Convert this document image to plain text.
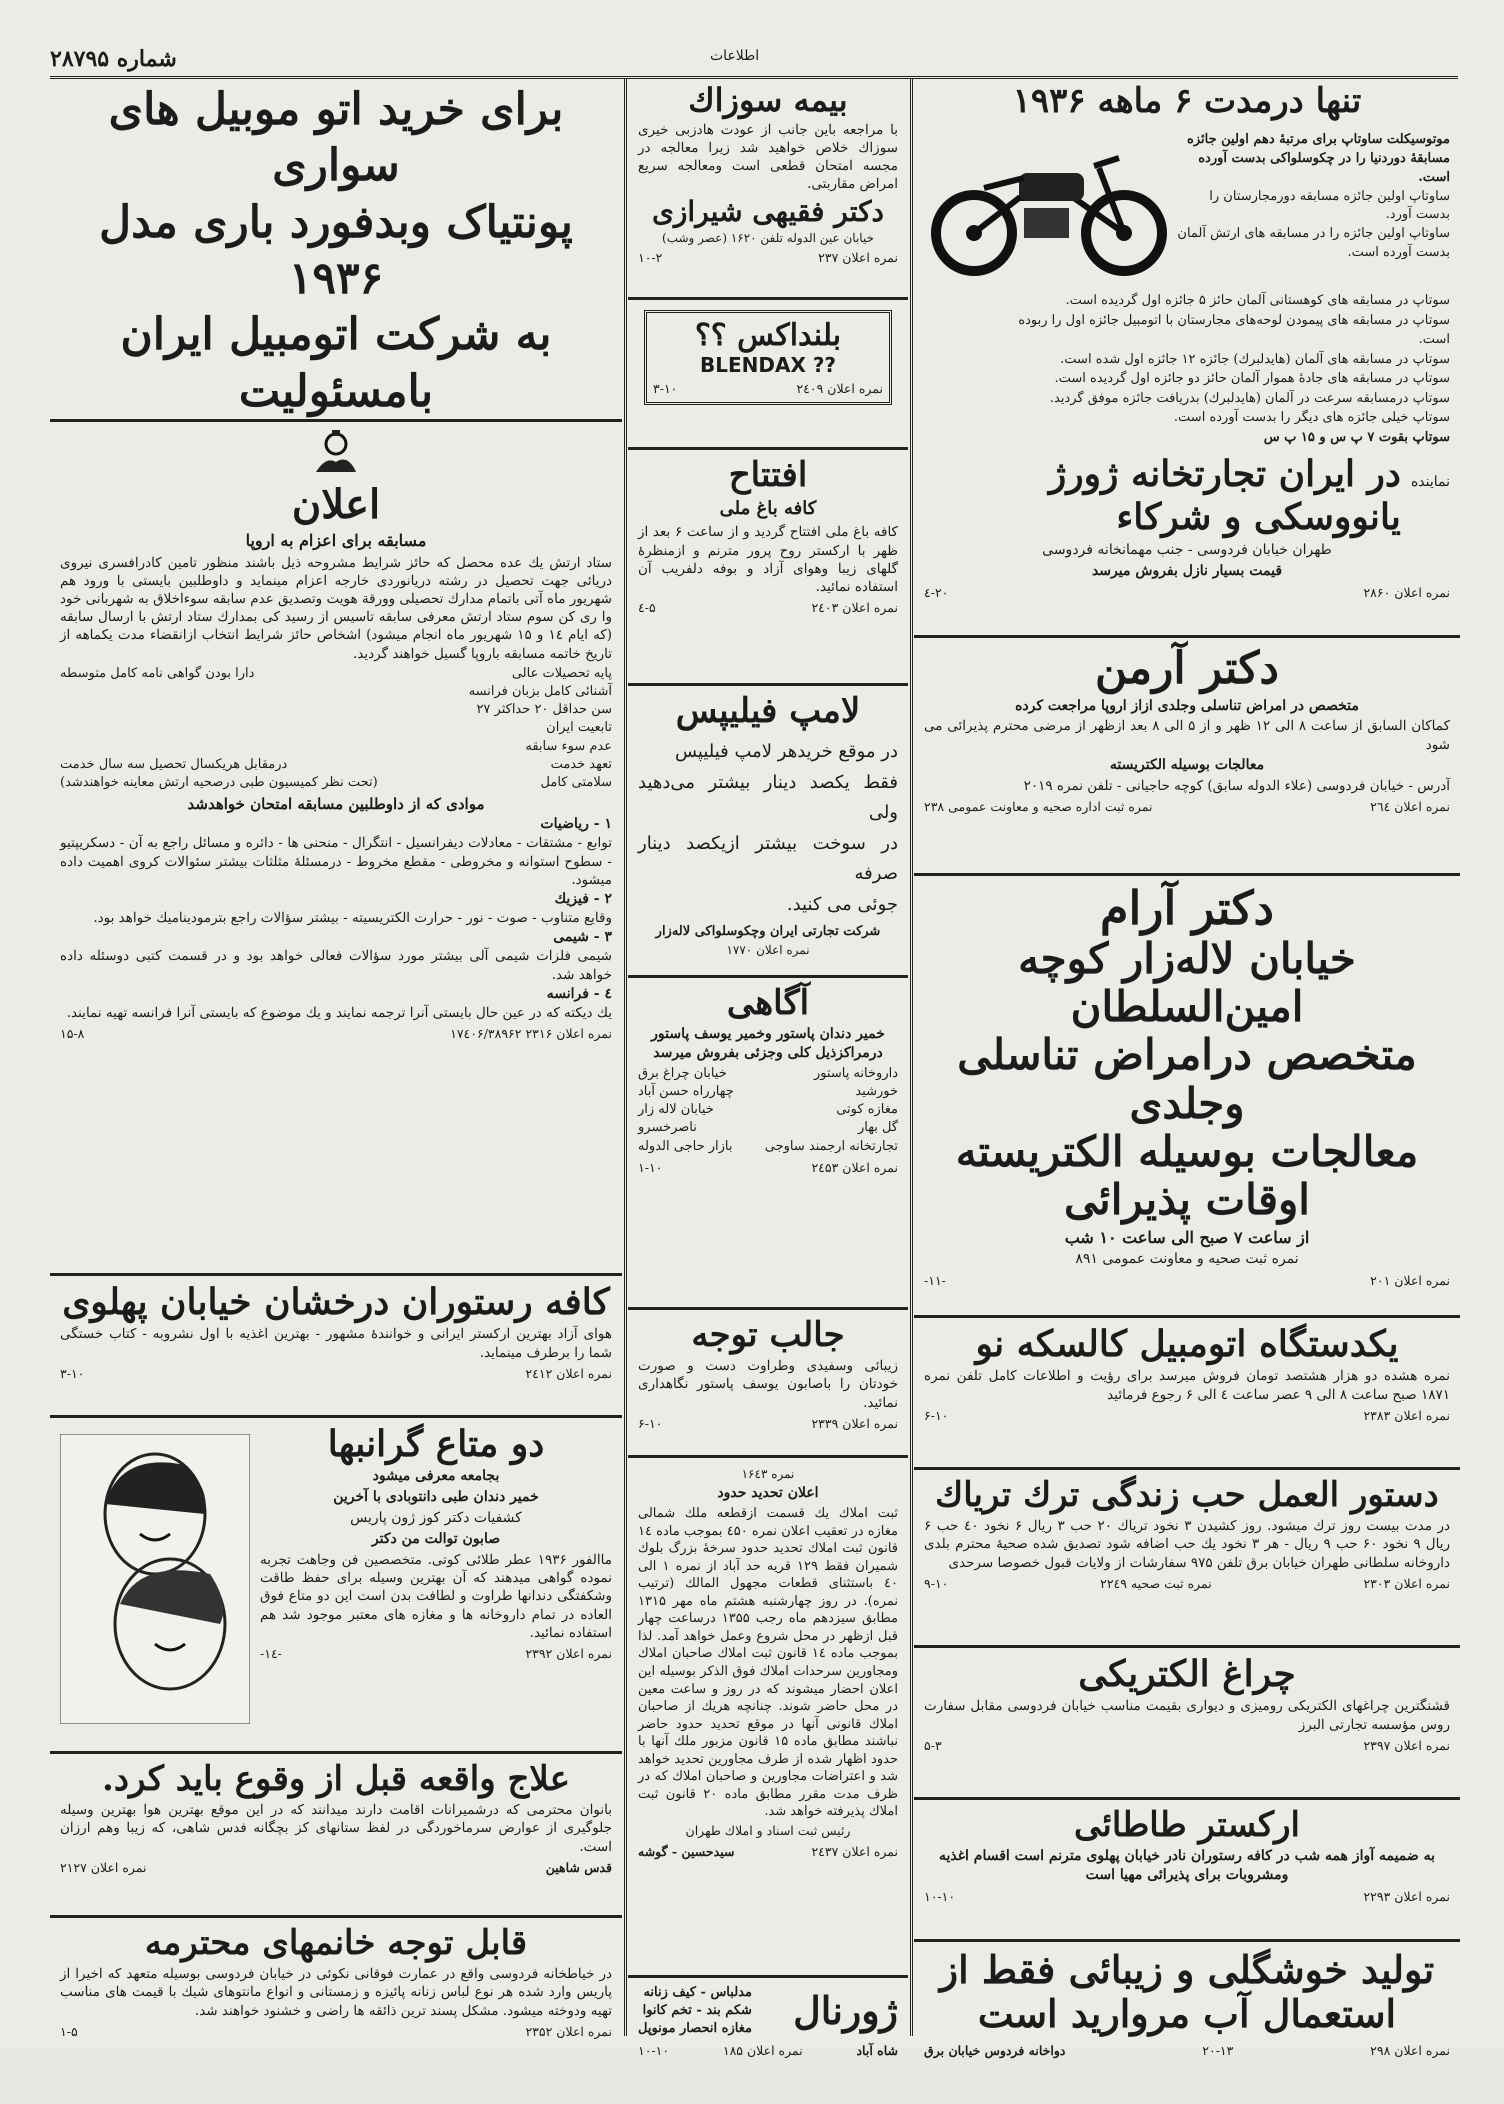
شماره ۲۸۷۹۵	اطلاعات
تنها درمدت ۶ ماهه ۱۹۳۶
موتوسیکلت ساوتاپ برای مرتبهٔ دهم اولین جائزه مسابقهٔ دوردنیا را در چکوسلواکی بدست آورده است.
ساوتاپ اولین جائزه مسابقه دورمجارستان را بدست آورد.
ساوتاپ اولین جائزه را در مسابقه های ارتش آلمان بدست آورده است.
سوتاپ در مسابقه های کوهستانی آلمان حائز ۵ جائزه اول گردیده است.
سوتاپ در مسابقه های پیمودن لوحه‌های مجارستان با اتومبیل جائزه اول را ربوده است.
سوتاپ در مسابقه های آلمان (هایدلبرك) جائزه ۱۲ جائزه اول شده است.
سوتاپ در مسابقه های جادهٔ هموار آلمان حائز دو جائزه اول گردیده است.
سوتاپ درمسابقه سرعت در آلمان (هایدلبرك) بدریافت جائزه موفق گردید.
سوتاپ خیلی جائزه های دیگر را بدست آورده است.
سوتاپ بقوت ۷ پ س و ۱۵ پ س
نماینده
در ایران تجارتخانه ژورژ یانووسکی و شرکاء
طهران خیابان فردوسی - جنب مهمانخانه فردوسی
قیمت بسیار نازل بفروش میرسد
نمره اعلان ۲۸۶۰
۲۰-٤
دکتر آرمن
متخصص در امراض تناسلی وجلدی ازاز اروپا مراجعت کرده
کماکان السابق از ساعت ۸ الی ۱۲ ظهر و از ۵ الی ۸ بعد ازظهر از مرضی محترم پذیرائی می شود
معالجات بوسیله الکتریسته
آدرس - خیابان فردوسی (علاء الدوله سابق) کوچه حاجیانی - تلفن نمره ۲۰۱۹
نمره اعلان ۲٦٤
نمره ثبت اداره صحیه و معاونت عمومی ۲۳۸
دکتر آرام
خیابان لاله‌زار کوچه امین‌السلطان
متخصص درامراض تناسلی وجلدی
معالجات بوسیله الکتریسته
اوقات پذیرائی
از ساعت ۷ صبح الی ساعت ۱۰ شب
نمره ثبت صحیه و معاونت عمومی ۸۹۱
نمره اعلان ۲۰۱
-۱۱-
یکدستگاه اتومبیل کالسکه نو
نمره هشده دو هزار هشتصد تومان فروش میرسد برای رؤیت و اطلاعات کامل تلفن نمره ۱۸۷۱ صبح ساعت ۸ الی ۹ عصر ساعت ٤ الی ۶ رجوع فرمائید
نمره اعلان ۲۳۸۳
۶-۱۰
دستور العمل حب زندگی ترك تریاك
در مدت بیست روز ترك میشود. روز کشیدن ۳ نخود تریاك ۲۰ حب ۳ ریال ۶ نخود ٤۰ حب ۶ ریال ۹ نخود ۶۰ حب ۹ ریال - هر ۳ نخود یك حب اضافه شود تصدیق شده صحیهٔ محترم بلدی داروخانه سلطانی طهران خیابان برق تلفن ۹۷۵ سفارشات از ولایات قبول خصوصا سرحدی
نمره اعلان ۲۳۰۳
نمره ثبت صحیه ۲۲٤۹
۹-۱۰
چراغ الکتریکی
قشنگترین چراغهای الکتریکی رومیزی و دیواری بقیمت مناسب خیابان فردوسی مقابل سفارت روس مؤسسه تجارتی البرز
نمره اعلان ۲۳۹۷
۵-۳
ارکستر طاطائی
به ضمیمه آواز همه شب در کافه رستوران نادر خیابان پهلوی مترنم است اقسام اغذیه ومشروبات برای پذیرائی مهیا است
نمره اعلان ۲۲۹۳
۱۰-۱۰
تولید خوشگلی و زیبائی فقط از
استعمال آب مروارید است
نمره اعلان ۲۹۸
۲۰-۱۳
دواخانه فردوس خیابان برق
بیمه سوزاك
با مراجعه باین جانب از عودت هادزبی خیری سوزاك خلاص خواهید شد زیرا معالجه در مجسه امتحان قطعی است ومعالجه سریع امراض مقاربتی.
دکتر فقیهی شیرازی
خیابان عین الدوله تلفن ۱۶۲۰ (عصر وشب)
نمره اعلان ۲۳۷
۱۰-۲
بلنداکس ؟؟
BLENDAX ??
نمره اعلان ۲٤۰۹
۳-۱۰
افتتاح
کافه باغ ملی
کافه باغ ملی افتتاح گردید و از ساعت ۶ بعد از ظهر با ارکستر روح پرور مترنم و ازمنظرهٔ گلهای زیبا وهوای آزاد و بوفه دلفریب آن استفاده نمائید.
نمره اعلان ۲٤۰۳
۵-٤
لامپ فیلیپس
در موقع خریدهر لامپ فیلیپس
فقط یکصد دینار بیشتر می‌دهید ولی
در سوخت بیشتر ازیکصد دینار صرفه
جوئی می کنید.
شرکت تجارتی ایران وچکوسلواکی لاله‌زار
نمره اعلان ۱۷۷۰
آگاهی
خمیر دندان پاستور وخمیر یوسف پاستور درمراکزذیل کلی وجزئی بفروش میرسد
داروخانه پاستور
خیابان چراغ برق
خورشید
چهارراه حسن آباد
مغازه کوتی
خیابان لاله زار
گل بهار
ناصرخسرو
تجارتخانه ارجمند ساوجی
بازار حاجی الدوله
نمره اعلان ۲٤۵۳
۱-۱۰
جالب توجه
زیبائی وسفیدی وطراوت دست و صورت خودتان را باصابون یوسف پاستور نگاهداری نمائید.
نمره اعلان ۲۳۳۹
۶-۱۰
نمره ۱۶٤۳
اعلان تحدید حدود
ثبت املاك یك قسمت ازقطعه ملك شمالی مغازه در تعقیب اعلان نمره ٤۵۰ بموجب ماده ۱٤ قانون ثبت املاك تحدید حدود سرخهٔ بزرگ بلوك شمیران فقط ۱۲۹ قریه حد آباد از نمره ۱ الی ٤۰ باستثنای قطعات مجهول المالك (ترتیب نمره). در روز چهارشنبه هشتم ماه مهر ۱۳۱۵ مطابق سیزدهم ماه رجب ۱۳۵۵ درساعت چهار قبل ازظهر در محل شروع وعمل خواهد آمد. لذا بموجب ماده ۱٤ قانون ثبت املاك صاحبان املاك ومجاورین سرحدات املاك فوق الذکر بوسیله این اعلان احضار میشوند که در روز و ساعت معین در محل حاضر شوند. چنانچه هریك از صاحبان املاك قانونی آنها در موقع تحدید حدود حاضر نباشند مطابق ماده ۱۵ قانون مزبور ملك آنها با حدود اظهار شده از طرف مجاورین تحدید خواهد شد و اعتراضات مجاورین و صاحبان املاك که در ظرف مدت مقرر مطابق ماده ۲۰ قانون ثبت املاك پذیرفته خواهد شد.
رئیس ثبت اسناد و املاك طهران
نمره اعلان ۲٤۳۷
سیدحسین - گوشه
ژورنال
مدلباس - کیف زنانه
شکم بند - تخم کانوا
مغازه انحصار مونوپل
شاه آباد
نمره اعلان ۱۸۵
۱۰-۱۰
برای خرید اتو موبیل های سواری
پونتیاک وبدفورد باری مدل ۱۹۳۶
به شرکت اتومبیل ایران بامسئولیت
اعلان
مسابقه برای اعزام به اروپا
ستاد ارتش یك عده محصل که حائز شرایط مشروحه ذیل باشند منظور تامین کادرافسری نیروی دریائی جهت تحصیل در رشته دریانوردی خارجه اعزام مینماید و داوطلبین بایستی با ورود هم شهریور ماه آتی باتمام مدارك تحصیلی وورقة هویت وتصدیق عدم سابقه سوءاخلاق به شهربانی خود وا ری کن سوم ستاد ارتش معرفی سابقه تاسیس از رسید کی بمدارك ستاد ارتش با ارسال سابقه (که ایام ۱٤ و ۱۵ شهریور ماه انجام میشود) اشخاص حائز شرایط انتخاب ازانقضاء مدت یکماهه از تاریخ خاتمه مسابقه باروپا گسیل خواهند گردید.
پایه تحصیلات عالی
دارا بودن گواهی نامه کامل متوسطه
آشنائی کامل بزبان فرانسه
سن حداقل ۲۰ حداکثر ۲۷
تابعیت ایران
عدم سوء سابقه
تعهد خدمت
درمقابل هریکسال تحصیل سه سال خدمت
سلامتی کامل
(تحت نظر کمیسیون طبی درصحیه ارتش معاینه خواهندشد)
موادی که از داوطلبین مسابقه امتحان خواهدشد
۱ - ریاضیات
توابع - مشتقات - معادلات دیفرانسیل - انتگرال - منحنی ها - دائره و مسائل راجع به آن - دسکریپتیو - سطوح استوانه و مخروطی - مقطع مخروط - درمسئلهٔ مثلثات بیشتر سئوالات کروی اهمیت داده میشود.
۲ - فیزیك
وقایع متناوب - صوت - نور - حرارت الکتریسیته - بیشتر سؤالات راجع بترمودینامیك خواهد بود.
۳ - شیمی
شیمی فلزات شیمی آلی بیشتر مورد سؤالات فعالی خواهد بود و در قسمت کتبی دوسئله داده خواهد شد.
٤ - فرانسه
یك دیکته که در عین حال بایستی آنرا ترجمه نمایند و یك موضوع که بایستی آنرا فرانسه تهیه نمایند.
نمره اعلان ۲۳۱۶ ۱۷٤۰۶/۳۸۹۶۲
۱۵-۸
کافه رستوران درخشان خیابان پهلوی
هوای آزاد بهترین ارکستر ایرانی و خوانندهٔ مشهور - بهترین اغذیه با اول نشروبه - کتاب خستگی شما را برطرف مینماید.
نمره اعلان ۲٤۱۲
۳-۱۰
دو متاع گرانبها
بجامعه معرفی میشود
خمیر دندان طبی دانتوبادی با آخرین
کشفیات دکتر کوز ژون پاریس
صابون توالت من دکتر
ماالفور ۱۹۳۶ عطر طلائی کوتی. متخصصین فن وجاهت تجربه نموده گواهی میدهند که آن بهترین وسیله برای حفظ طاقت وشکفتگی دندانها طراوت و لطافت بدن است این دو متاع فوق العاده در تمام داروخانه ها و مغازه های معتبر موجود شد هم استفاده نمائید.
نمره اعلان ۲۳۹۲
-۱٤-
علاج واقعه قبل از وقوع باید کرد.
بانوان محترمی که درشمیرانات اقامت دارند میدانند که در این موقع بهترین هوا بهترین وسیله جلوگیری از عوارض سرماخوردگی در لفظ ستانهای کز بچگانه فدس شاهی، که زیبا وهم ارزان است.
قدس شاهین
نمره اعلان ۲۱۲۷
قابل توجه خانمهای محترمه
در خیاطخانه فردوسی واقع در عمارت فوقانی نکوئی در خیابان فردوسی بوسیله متعهد که اخیرا از پاریس وارد شده هر نوع لباس زنانه پائیزه و زمستانی و انواع مانتوهای شیك با قیمت های مناسب تهیه ودوخته میشود. مشکل پسند ترین ذائقه ها راضی و خشنود خواهند شد.
نمره اعلان ۲۳۵۲
۱-۵
